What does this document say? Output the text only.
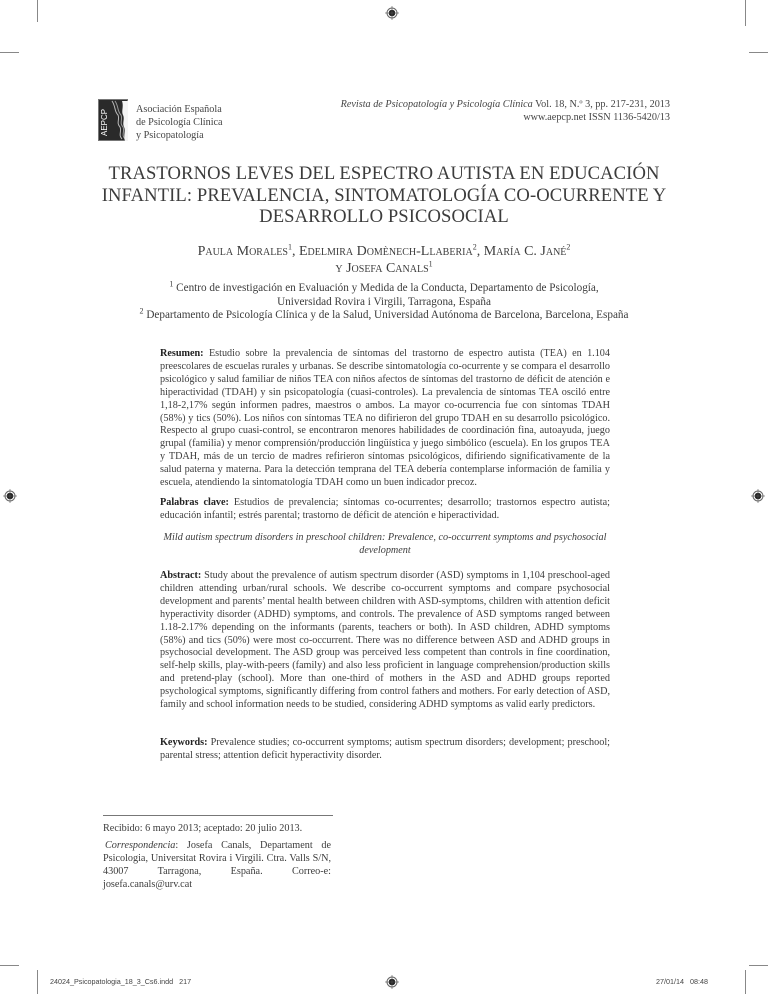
AEPCP	Asociación Española
de Psicología Clínica
y Psicopatología
Revista de Psicopatología y Psicología Clínica Vol. 18, N.º 3, pp. 217-231, 2013
www.aepcp.net ISSN 1136-5420/13
TRASTORNOS LEVES DEL ESPECTRO AUTISTA EN EDUCACIÓN
INFANTIL: PREVALENCIA, SINTOMATOLOGÍA CO-OCURRENTE Y
DESARROLLO PSICOSOCIAL
Paula Morales$^1$, Edelmira Domènech-Llaberia$^2$, María C. Jané$^2$
y Josefa Canals$^1$
$^1$ Centro de investigación en Evaluación y Medida de la Conducta, Departamento de Psicología,
Universidad Rovira i Virgili, Tarragona, España
$^2$ Departamento de Psicología Clínica y de la Salud, Universidad Autónoma de Barcelona, Barcelona, España
Resumen: Estudio sobre la prevalencia de síntomas del trastorno de espectro autista (TEA) en 1.104 preescolares de escuelas rurales y urbanas. Se describe sintomatología co-ocurrente y se compara el desarrollo psicológico y salud familiar de niños TEA con niños afectos de síntomas del trastorno de déficit de atención e hiperactividad (TDAH) y sin psicopatología (cuasi-controles). La prevalencia de síntomas TEA osciló entre 1,18-2,17% según informen padres, maestros o ambos. La mayor co-ocurrencia fue con síntomas TDAH (58%) y tics (50%). Los niños con síntomas TEA no difirieron del grupo TDAH en su desarrollo psicológico. Respecto al grupo cuasi-control, se encontraron menores habilidades de coordinación fina, autoayuda, juego grupal (familia) y menor comprensión/producción lingüística y juego simbólico (escuela). En los grupos TEA y TDAH, más de un tercio de madres refirieron síntomas psicológicos, difiriendo significativamente de la salud paterna y materna. Para la detección temprana del TEA debería contemplarse información de familia y escuela, atendiendo la sintomatología TDAH como un buen indicador precoz.
Palabras clave: Estudios de prevalencia; síntomas co-ocurrentes; desarrollo; trastornos espectro autista; educación infantil; estrés parental; trastorno de déficit de atención e hiperactividad.
Mild autism spectrum disorders in preschool children: Prevalence, co-occurrent symptoms and psychosocial development
Abstract: Study about the prevalence of autism spectrum disorder (ASD) symptoms in 1,104 preschool-aged children attending urban/rural schools. We describe co-occurrent symptoms and compare psychosocial development and parents’ mental health between children with ASD-symptoms, children with attention deficit hyperactivity disorder (ADHD) symptoms, and controls. The prevalence of ASD symptoms ranged between 1.18-2.17% depending on the informants (parents, teachers or both). In ASD children, ADHD symptoms (58%) and tics (50%) were most co-occurrent. There was no difference between ASD and ADHD groups in psychosocial development. The ASD group was perceived less competent than controls in fine coordination, self-help skills, play-with-peers (family) and also less proficient in language comprehension/production skills and pretend-play (school). More than one-third of mothers in the ASD and ADHD groups reported psychological symptoms, significantly differing from control fathers and mothers. For early detection of ASD, family and school information needs to be studied, considering ADHD symptoms as valid early predictors.
Keywords: Prevalence studies; co-occurrent symptoms; autism spectrum disorders; development; preschool; parental stress; attention deficit hyperactivity disorder.
Recibido: 6 mayo 2013; aceptado: 20 julio 2013.
Correspondencia: Josefa Canals, Departament de Psicologia, Universitat Rovira i Virgili. Ctra. Valls S/N, 43007 Tarragona, España. Correo-e: josefa.canals@urv.cat
24024_Psicopatologia_18_3_Cs6.indd   217	27/01/14   08:48
